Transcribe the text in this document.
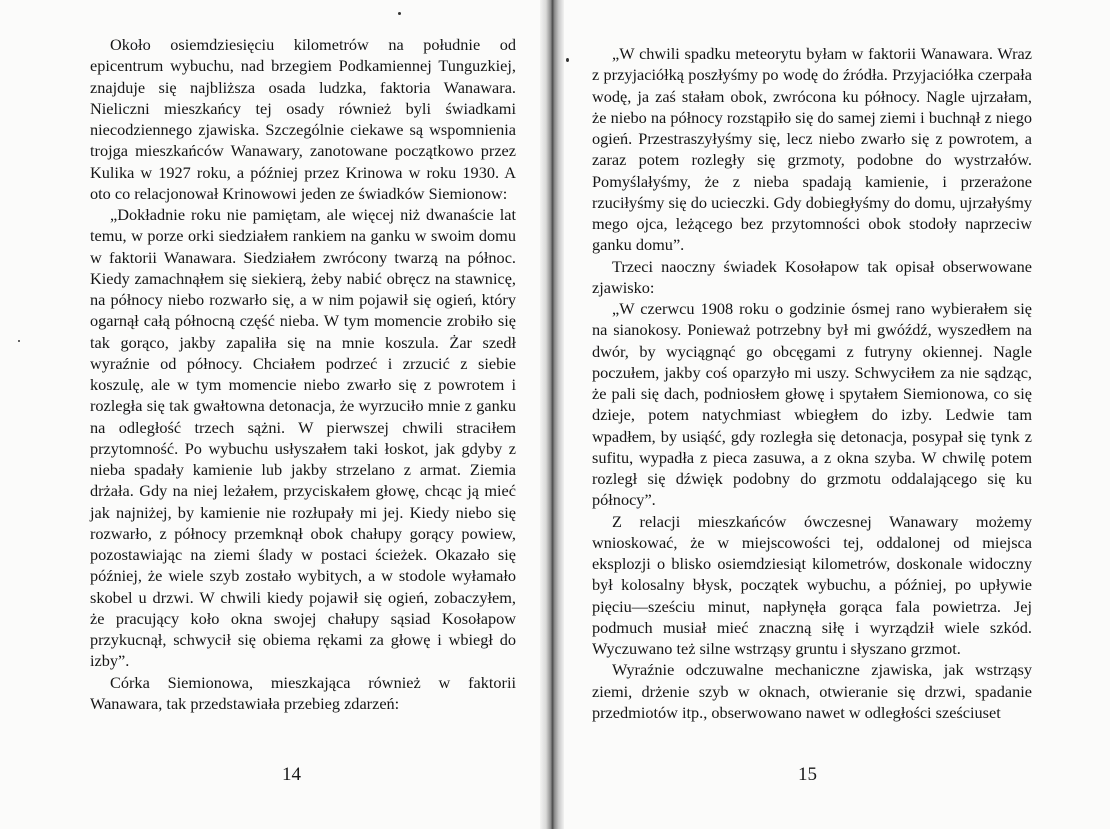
Około osiemdziesięciu kilometrów na południe od epicentrum wybuchu, nad brzegiem Podkamiennej Tunguzkiej, znajduje się najbliższa osada ludzka, faktoria Wanawara. Nieliczni mieszkańcy tej osady również byli świadkami niecodziennego zjawiska. Szczególnie ciekawe są wspomnienia trojga mieszkańców Wanawary, zanotowane początkowo przez Kulika w 1927 roku, a później przez Krinowa w roku 1930. A oto co relacjonował Krinowowi jeden ze świadków Siemionow:

„Dokładnie roku nie pamiętam, ale więcej niż dwanaście lat temu, w porze orki siedziałem rankiem na ganku w swoim domu w faktorii Wanawara. Siedziałem zwrócony twarzą na północ. Kiedy zamachnąłem się siekierą, żeby nabić obręcz na stawnicę, na północy niebo rozwarło się, a w nim pojawił się ogień, który ogarnął całą północną część nieba. W tym momencie zrobiło się tak gorąco, jakby zapaliła się na mnie koszula. Żar szedł wyraźnie od północy. Chciałem podrzeć i zrzucić z siebie koszulę, ale w tym momencie niebo zwarło się z powrotem i rozległa się tak gwałtowna detonacja, że wyrzuciło mnie z ganku na odległość trzech sążni. W pierwszej chwili straciłem przytomność. Po wybuchu usłyszałem taki łoskot, jak gdyby z nieba spadały kamienie lub jakby strzelano z armat. Ziemia drżała. Gdy na niej leżałem, przyciskałem głowę, chcąc ją mieć jak najniżej, by kamienie nie rozłupały mi jej. Kiedy niebo się rozwarło, z północy przemknął obok chałupy gorący powiew, pozostawiając na ziemi ślady w postaci ścieżek. Okazało się później, że wiele szyb zostało wybitych, a w stodole wyłamało skobel u drzwi. W chwili kiedy pojawił się ogień, zobaczyłem, że pracujący koło okna swojej chałupy sąsiad Kosołapow przykucnął, schwycił się obiema rękami za głowę i wbiegł do izby”.

Córka Siemionowa, mieszkająca również w faktorii Wanawara, tak przedstawiała przebieg zdarzeń:

„W chwili spadku meteorytu byłam w faktorii Wanawara. Wraz z przyjaciółką poszłyśmy po wodę do źródła. Przyjaciółka czerpała wodę, ja zaś stałam obok, zwrócona ku północy. Nagle ujrzałam, że niebo na północy rozstąpiło się do samej ziemi i buchnął z niego ogień. Przestraszyłyśmy się, lecz niebo zwarło się z powrotem, a zaraz potem rozległy się grzmoty, podobne do wystrzałów. Pomyślałyśmy, że z nieba spadają kamienie, i przerażone rzuciłyśmy się do ucieczki. Gdy dobiegłyśmy do domu, ujrzałyśmy mego ojca, leżącego bez przytomności obok stodoły naprzeciw ganku domu”.

Trzeci naoczny świadek Kosołapow tak opisał obserwowane zjawisko:

„W czerwcu 1908 roku o godzinie ósmej rano wybierałem się na sianokosy. Ponieważ potrzebny był mi gwóźdź, wyszedłem na dwór, by wyciągnąć go obcęgami z futryny okiennej. Nagle poczułem, jakby coś oparzyło mi uszy. Schwyciłem za nie sądząc, że pali się dach, podniosłem głowę i spytałem Siemionowa, co się dzieje, potem natychmiast wbiegłem do izby. Ledwie tam wpadłem, by usiąść, gdy rozległa się detonacja, posypał się tynk z sufitu, wypadła z pieca zasuwa, a z okna szyba. W chwilę potem rozległ się dźwięk podobny do grzmotu oddalającego się ku północy”.

Z relacji mieszkańców ówczesnej Wanawary możemy wnioskować, że w miejscowości tej, oddalonej od miejsca eksplozji o blisko osiemdziesiąt kilometrów, doskonale widoczny był kolosalny błysk, początek wybuchu, a później, po upływie pięciu—sześciu minut, napłynęła gorąca fala powietrza. Jej podmuch musiał mieć znaczną siłę i wyrządził wiele szkód. Wyczuwano też silne wstrząsy gruntu i słyszano grzmot.

Wyraźnie odczuwalne mechaniczne zjawiska, jak wstrząsy ziemi, drżenie szyb w oknach, otwieranie się drzwi, spadanie przedmiotów itp., obserwowano nawet w odległości sześciuset

14	15
